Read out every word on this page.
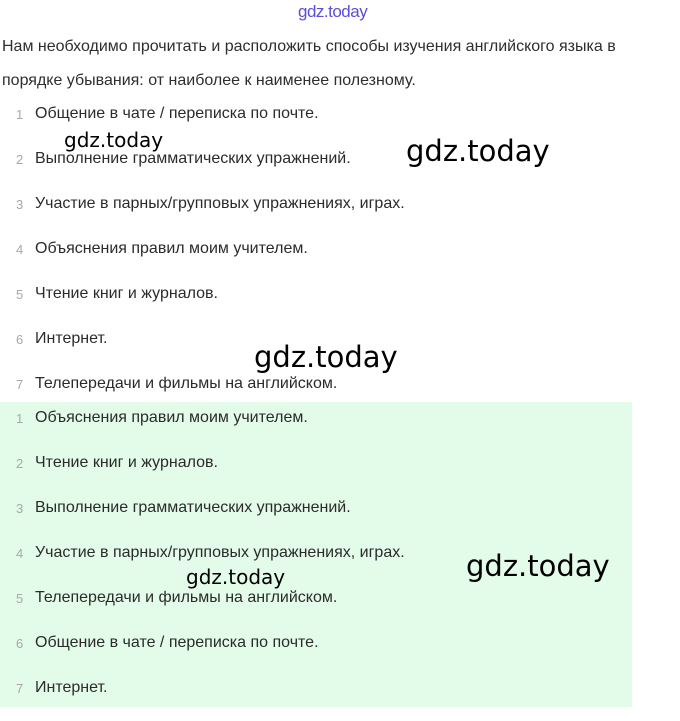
gdz.today
Нам необходимо прочитать и расположить способы изучения английского языка в порядке убывания: от наиболее к наименее полезному.
1 Общение в чате / переписка по почте.
2 Выполнение грамматических упражнений.
3 Участие в парных/групповых упражнениях, играх.
4 Объяснения правил моим учителем.
5 Чтение книг и журналов.
6 Интернет.
7 Телепередачи и фильмы на английском.
1 Объяснения правил моим учителем.
2 Чтение книг и журналов.
3 Выполнение грамматических упражнений.
4 Участие в парных/групповых упражнениях, играх.
5 Телепередачи и фильмы на английском.
6 Общение в чате / переписка по почте.
7 Интернет.
gdz.today	gdz.today
gdz.today
gdz.today
gdz.today
